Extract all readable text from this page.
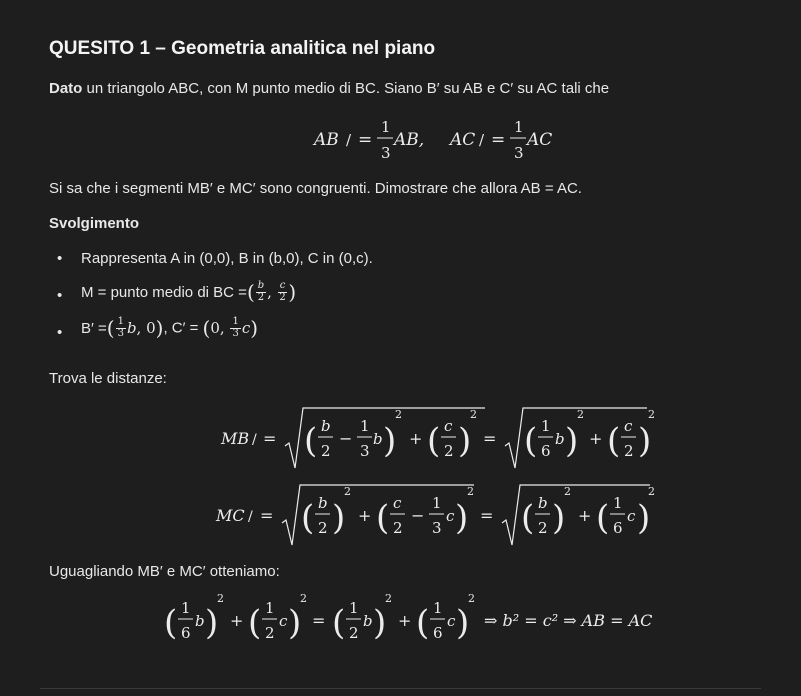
QUESITO 1 – Geometria analitica nel piano
Dato un triangolo ABC, con M punto medio di BC. Siano B′ su AB e C′ su AC tali che
AB / =
1
3
AB, AC / =
1
3
AC
Si sa che i segmenti MB′ e MC′ sono congruenti. Dimostrare che allora AB = AC.
Svolgimento
• Rappresenta A in (0,0), B in (b,0), C in (0,c).
• M = punto medio di BC =( $\frac{b}{2}$ , $\frac{c}{2}$ )
• B′ =( $\frac{1}{3} b$, 0), C′ = (0, $\frac{1}{3} c$)
Trova le distanze:
MB / = ( b
2
−
1
3
b )
2
+ ( c
2 )
2
= ( 1
6
b )
2
+ ( c
2 )
2
MC / = ( b
2 )
2
+ ( c
2
−
1
3
c )
2
= ( b
2 )
2
+ ( 1
6
c )
2
Uguagliando MB′ e MC′ otteniamo:
( 1
6
b )
2
+ ( 1
2
c )
2
= ( 1
2
b )
2
+ ( 1
6
c )
2
⇒ b² = c² ⇒ AB = AC
